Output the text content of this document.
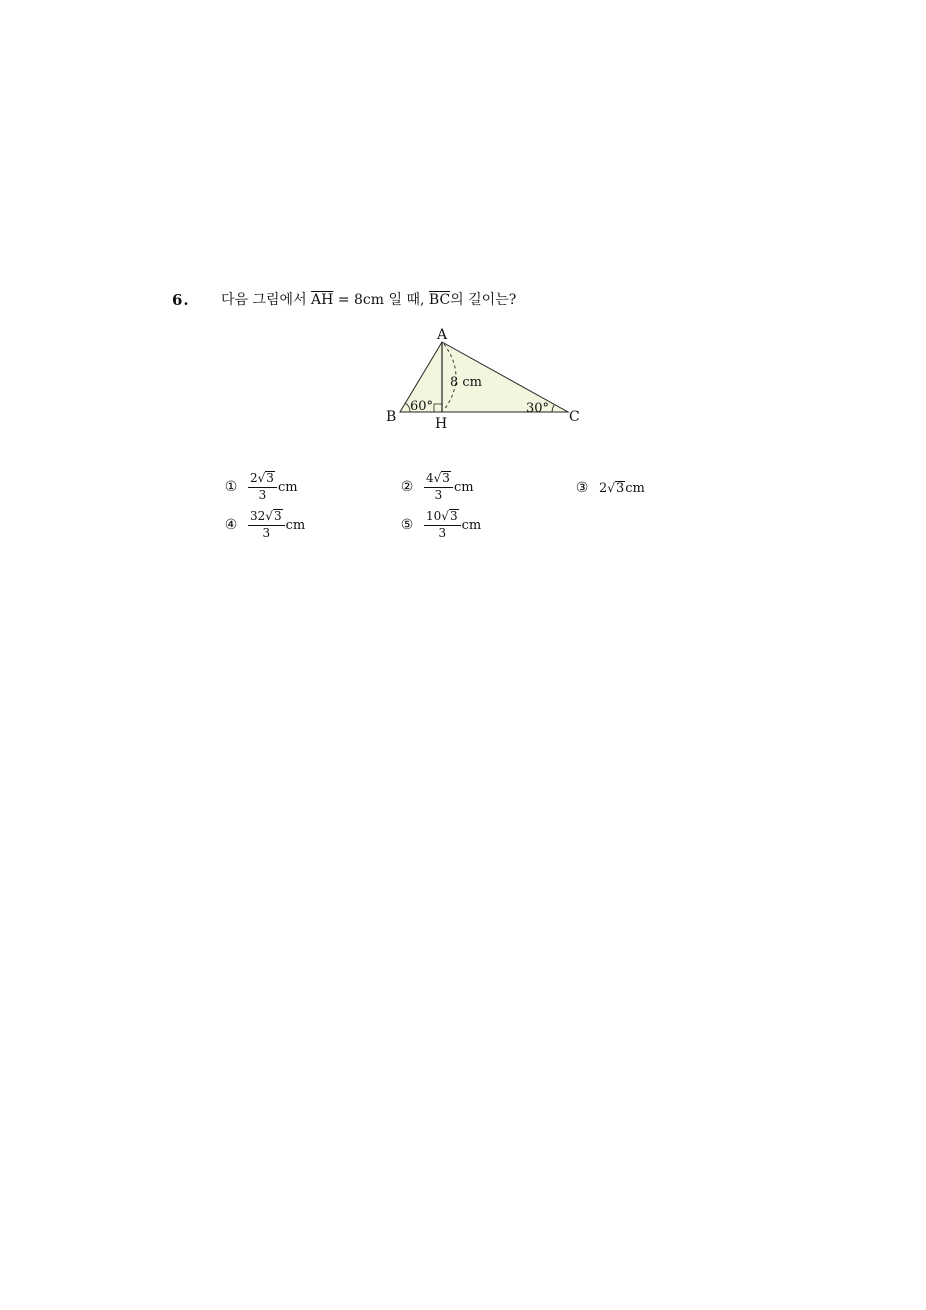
6. 다음 그림에서 $\overline{AH} = 8cm$ 일 때, $\overline{BC}$의 길이는?
A
B	C
H
8 cm
60°	30°
① $\frac{2 √ 3}{3}$ cm	② $\frac{4 √ 3}{3}$ cm	③ 2 √ 3 cm
④ $\frac{32 √ 3}{3}$ cm	⑤ $\frac{10 √ 3}{3}$ cm
